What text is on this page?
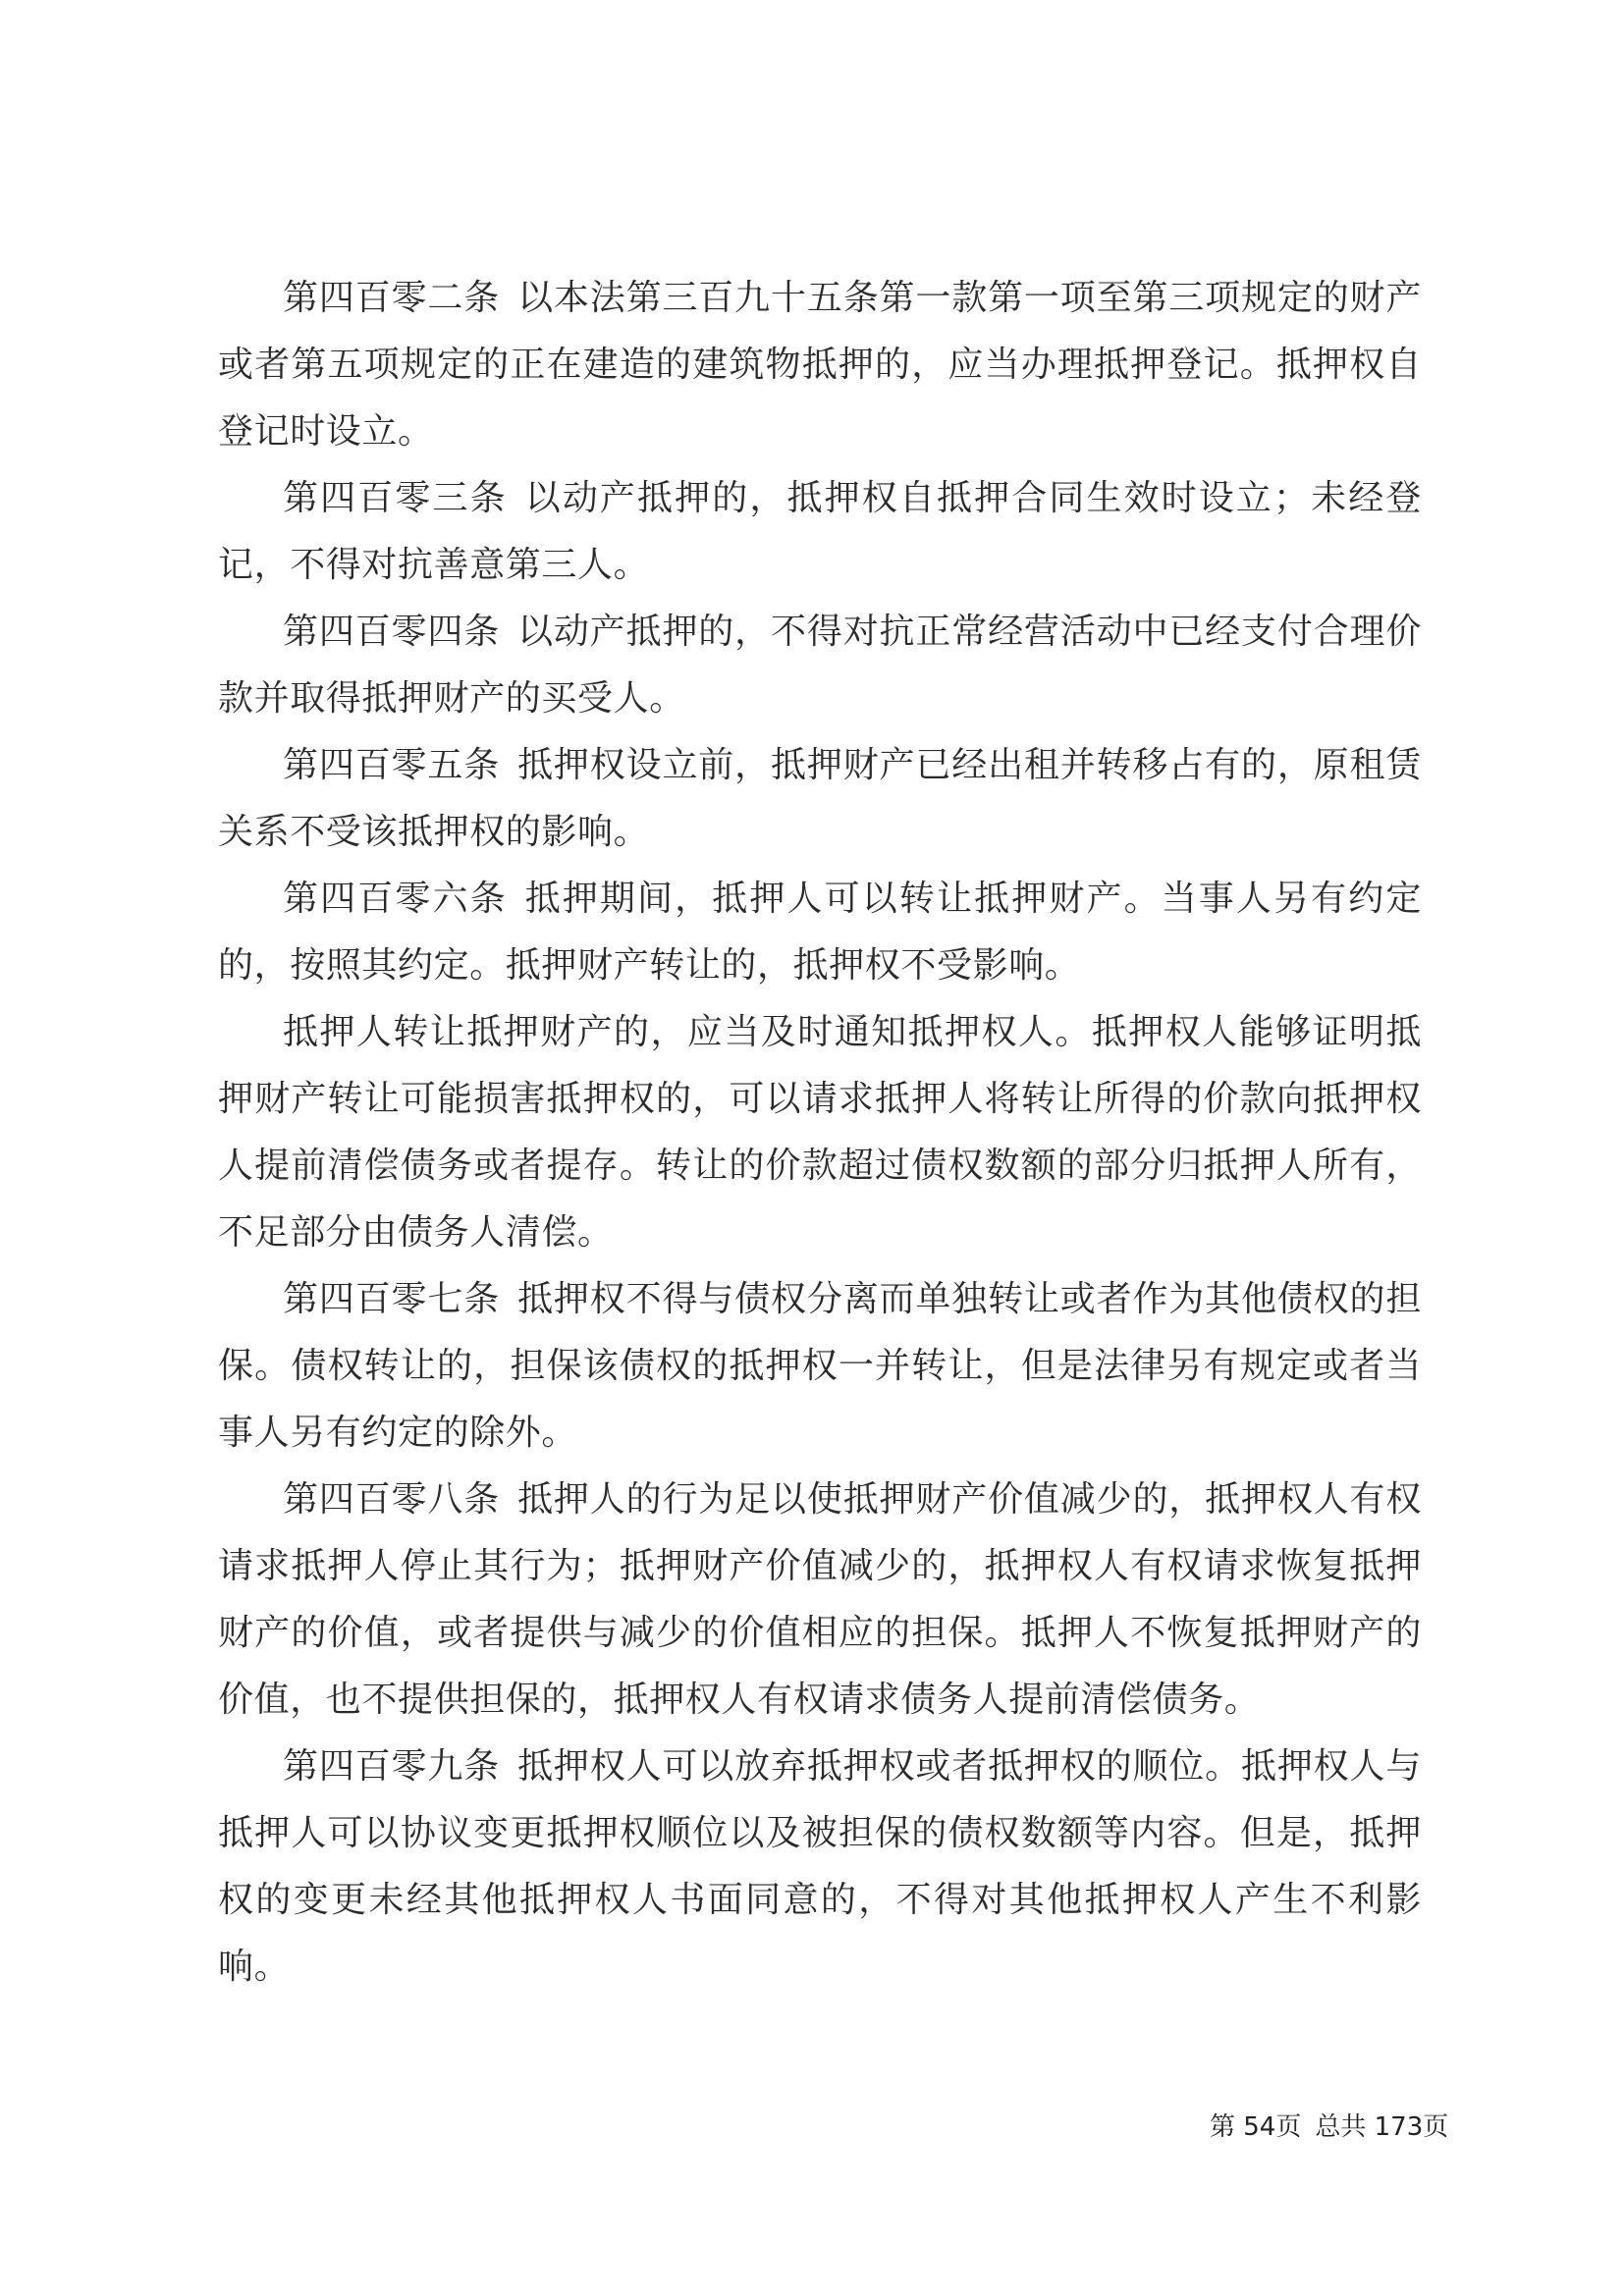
第四百零二条 以本法第三百九十五条第一款第一项至第三项规定的财产或者第五项规定的正在建造的建筑物抵押的，应当办理抵押登记。抵押权自登记时设立。

第四百零三条 以动产抵押的，抵押权自抵押合同生效时设立；未经登记，不得对抗善意第三人。

第四百零四条 以动产抵押的，不得对抗正常经营活动中已经支付合理价款并取得抵押财产的买受人。

第四百零五条 抵押权设立前，抵押财产已经出租并转移占有的，原租赁关系不受该抵押权的影响。

第四百零六条 抵押期间，抵押人可以转让抵押财产。当事人另有约定的，按照其约定。抵押财产转让的，抵押权不受影响。

抵押人转让抵押财产的，应当及时通知抵押权人。抵押权人能够证明抵押财产转让可能损害抵押权的，可以请求抵押人将转让所得的价款向抵押权人提前清偿债务或者提存。转让的价款超过债权数额的部分归抵押人所有，不足部分由债务人清偿。

第四百零七条 抵押权不得与债权分离而单独转让或者作为其他债权的担保。债权转让的，担保该债权的抵押权一并转让，但是法律另有规定或者当事人另有约定的除外。

第四百零八条 抵押人的行为足以使抵押财产价值减少的，抵押权人有权请求抵押人停止其行为；抵押财产价值减少的，抵押权人有权请求恢复抵押财产的价值，或者提供与减少的价值相应的担保。抵押人不恢复抵押财产的价值，也不提供担保的，抵押权人有权请求债务人提前清偿债务。

第四百零九条 抵押权人可以放弃抵押权或者抵押权的顺位。抵押权人与抵押人可以协议变更抵押权顺位以及被担保的债权数额等内容。但是，抵押权的变更未经其他抵押权人书面同意的，不得对其他抵押权人产生不利影响。

第 54页 总共 173页
